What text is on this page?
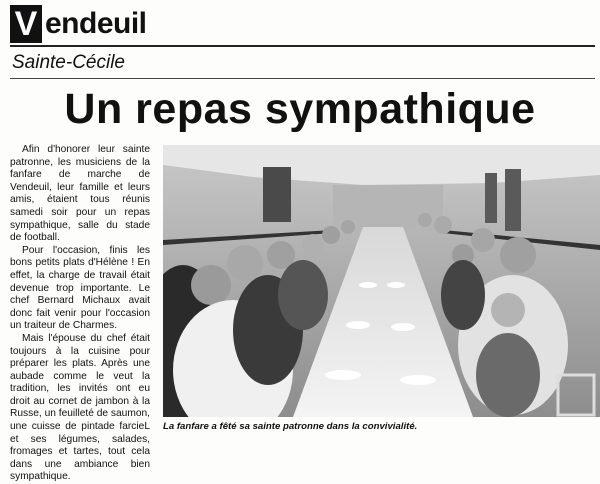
V endeuil
Sainte-Cécile
Un repas sympathique

Afin d'honorer leur sainte patronne, les musiciens de la fanfare de marche de Vendeuil, leur famille et leurs amis, étaient tous réunis samedi soir pour un repas sympathique, salle du stade de football.

Pour l'occasion, finis les bons petits plats d'Hélène ! En effet, la charge de travail était devenue trop importante. Le chef Bernard Michaux avait donc fait venir pour l'occasion un traiteur de Charmes.

Mais l'épouse du chef était toujours à la cuisine pour préparer les plats. Après une aubade comme le veut la tradition, les invités ont eu droit au cornet de jambon à la Russe, un feuilleté de saumon, une cuisse de pintade farcieL et ses légumes, salades, fromages et tartes, tout cela dans une ambiance bien sympathique.

La fanfare a fêté sa sainte patronne dans la convivialité.
